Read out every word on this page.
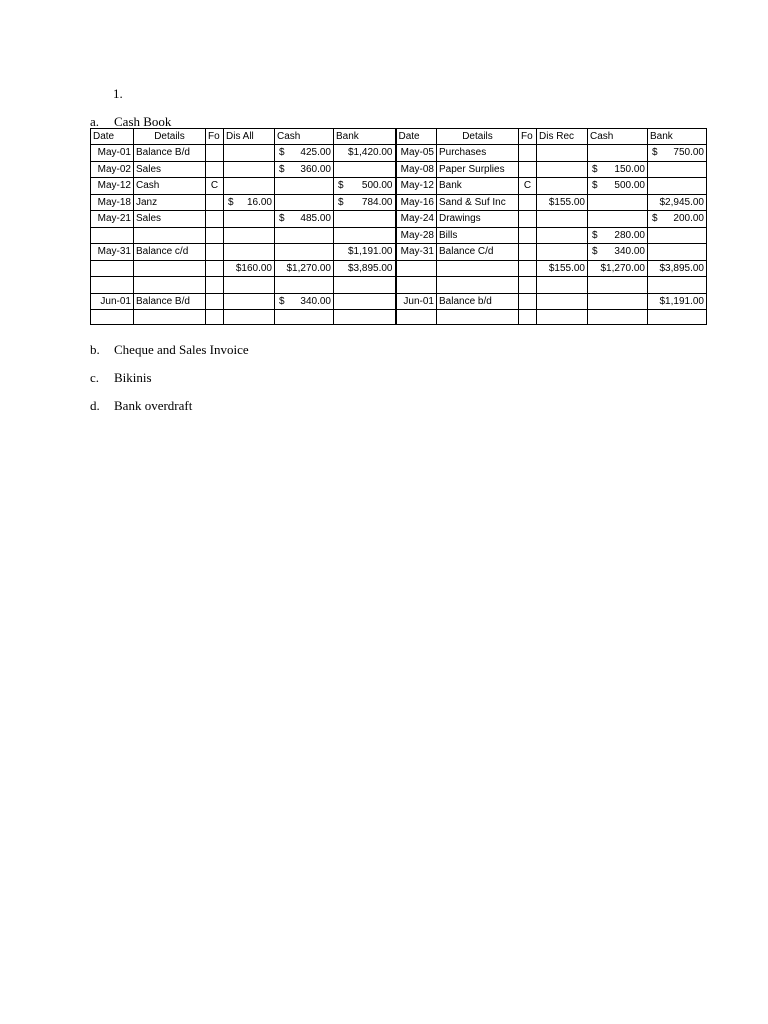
1.
a. Cash Book
Date	Details	Fo	Dis All	Cash	Bank	Date	Details	Fo	Dis Rec	Cash	Bank
May-01	Balance B/d			$ 425.00	$1,420.00	May-05	Purchases				$ 750.00

May-02	Sales			$ 360.00		May-08	Paper Surplies			$ 150.00	

May-12	Cash	C			$ 500.00	May-12	Bank	C		$ 500.00	

May-18	Janz		$ 16.00		$ 784.00	May-16	Sand & Suf Inc		$155.00		$2,945.00
May-21	Sales			$ 485.00		May-24	Drawings				$ 200.00

						May-28	Bills			$ 280.00	

May-31	Balance c/d				$1,191.00	May-31	Balance C/d			$ 340.00	

			$160.00	$1,270.00	$3,895.00				$155.00	$1,270.00	$3,895.00

Jun-01	Balance B/d			$ 340.00		Jun-01	Balance b/d				$1,191.00

b. Cheque and Sales Invoice
c. Bikinis
d. Bank overdraft
